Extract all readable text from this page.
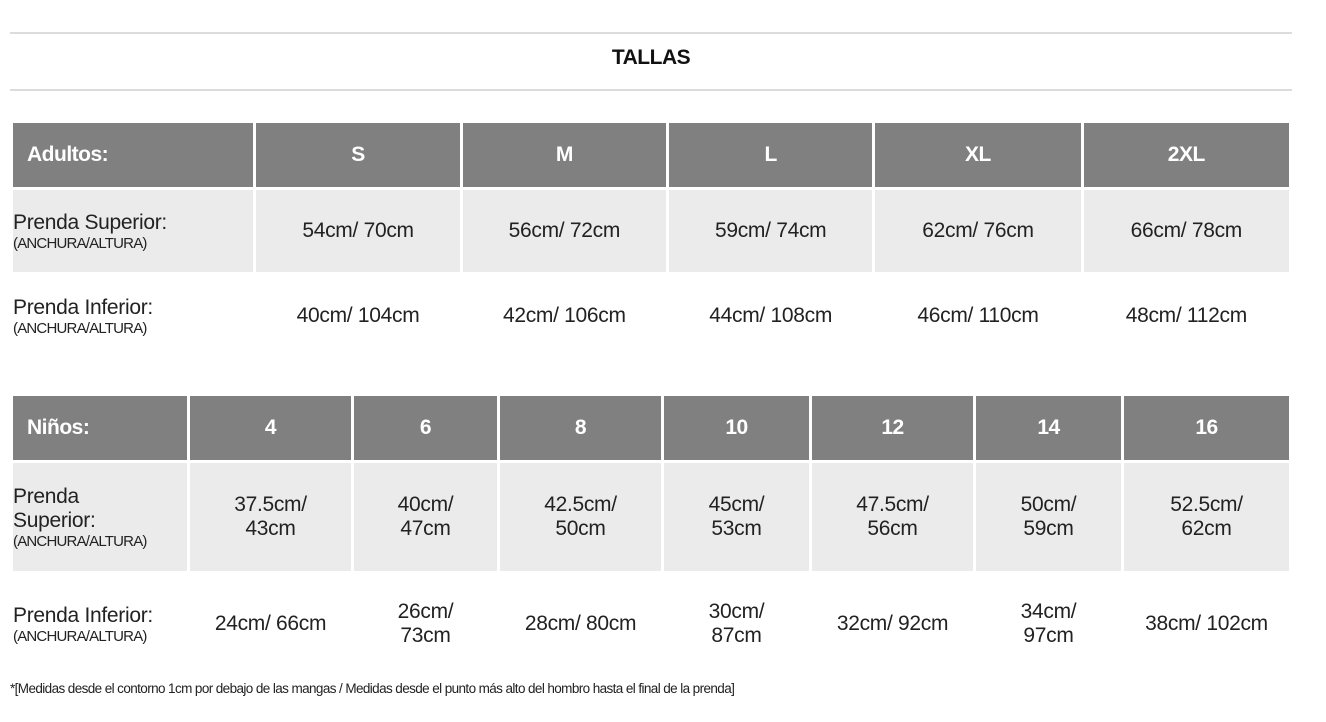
TALLAS
Adultos:	S	M	L	XL	2XL

Prenda Superior:
(ANCHURA/ALTURA)	54cm/ 70cm	56cm/ 72cm	59cm/ 74cm	62cm/ 76cm	66cm/ 78cm

Prenda Inferior:
(ANCHURA/ALTURA)	40cm/ 104cm	42cm/ 106cm	44cm/ 108cm	46cm/ 110cm	48cm/ 112cm
Niños:	4	6	8	10	12	14	16

Prenda Superior:
(ANCHURA/ALTURA)	37.5cm/ 43cm	40cm/ 47cm	42.5cm/ 50cm	45cm/ 53cm	47.5cm/ 56cm	50cm/ 59cm	52.5cm/ 62cm

Prenda Inferior:
(ANCHURA/ALTURA)	24cm/ 66cm	26cm/ 73cm	28cm/ 80cm	30cm/ 87cm	32cm/ 92cm	34cm/ 97cm	38cm/ 102cm
*[Medidas desde el contorno 1cm por debajo de las mangas / Medidas desde el punto más alto del hombro hasta el final de la prenda]
